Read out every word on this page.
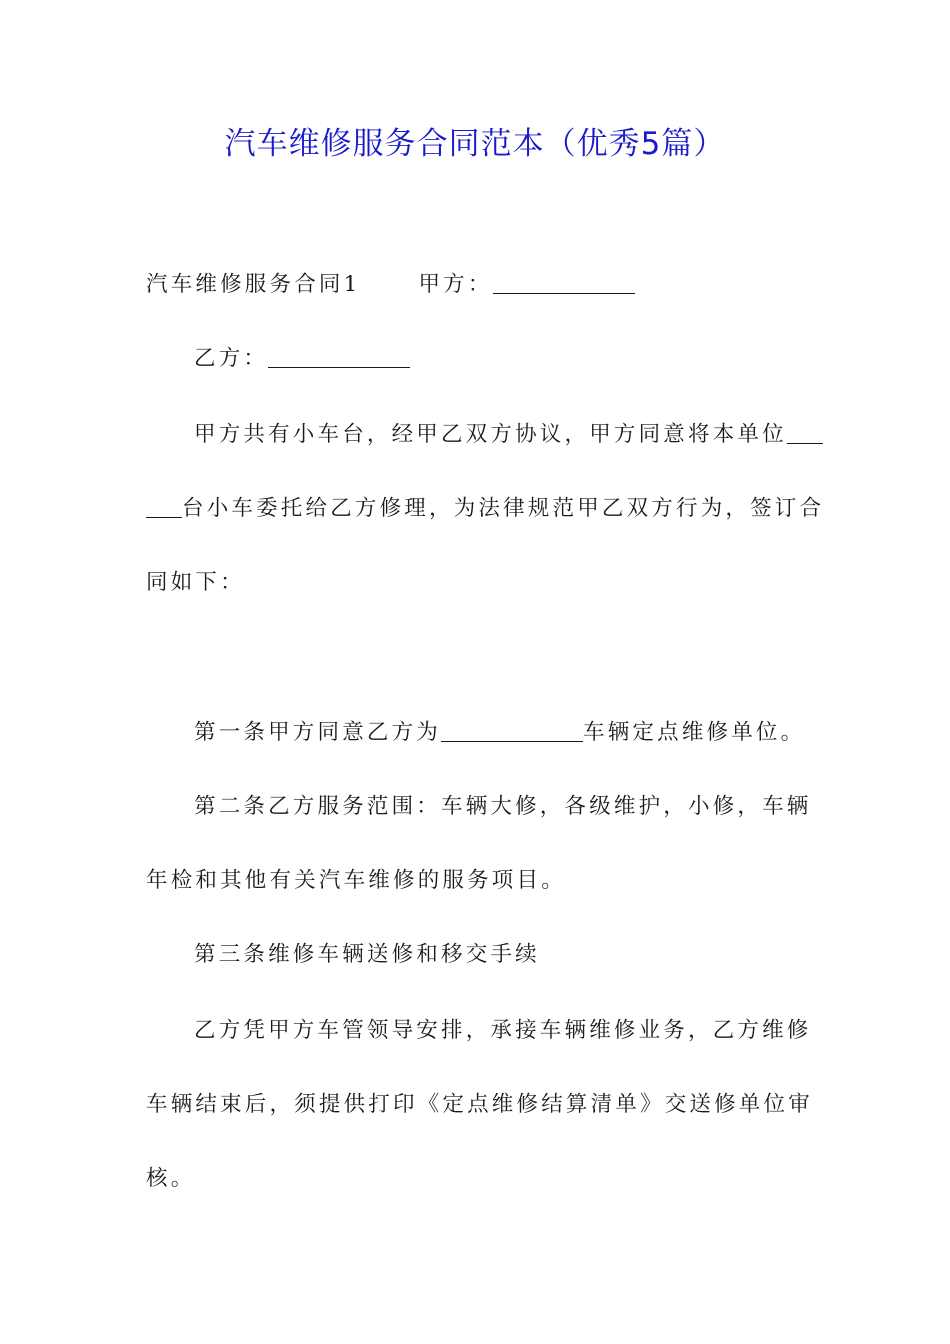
汽车维修服务合同范本（优秀5篇）
汽车维修服务合同1	甲方：
乙方：
甲方共有小车台，经甲乙双方协议，甲方同意将本单位
台小车委托给乙方修理，为法律规范甲乙双方行为，签订合
同如下：
第一条甲方同意乙方为	车辆定点维修单位。
第二条乙方服务范围：车辆大修，各级维护，小修，车辆
年检和其他有关汽车维修的服务项目。
第三条维修车辆送修和移交手续
乙方凭甲方车管领导安排，承接车辆维修业务，乙方维修
车辆结束后，须提供打印《定点维修结算清单》交送修单位审
核。
